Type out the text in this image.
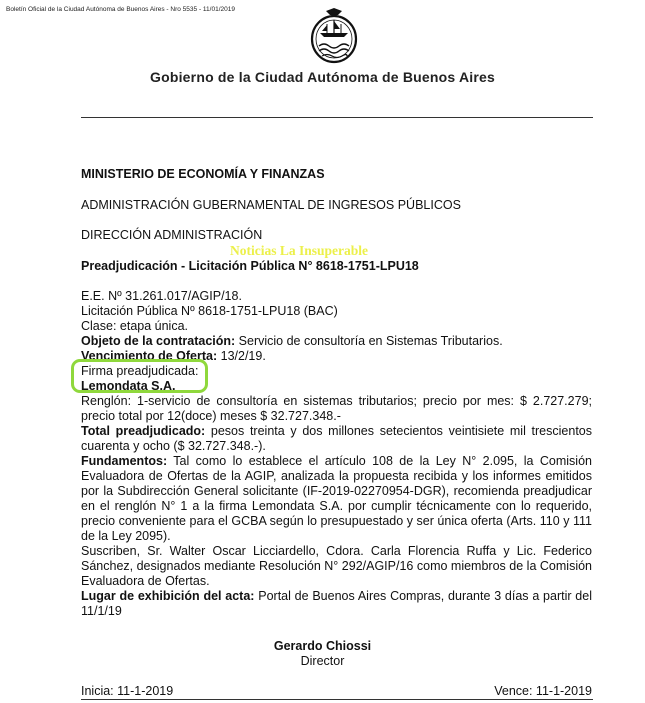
Boletín Oficial de la Ciudad Autónoma de Buenos Aires - Nro 5535 - 11/01/2019
Gobierno de la Ciudad Autónoma de Buenos Aires
MINISTERIO DE ECONOMÍA Y FINANZAS
ADMINISTRACIÓN GUBERNAMENTAL DE INGRESOS PÚBLICOS
DIRECCIÓN ADMINISTRACIÓN
Noticias La Insuperable
Preadjudicación - Licitación Pública N° 8618-1751-LPU18

E.E. Nº 31.261.017/AGIP/18.

Licitación Pública Nº 8618-1751-LPU18 (BAC)

Clase: etapa única.

Objeto de la contratación: Servicio de consultoría en Sistemas Tributarios.

Vencimiento de Oferta: 13/2/19.

Firma preadjudicada:

Lemondata S.A.

Renglón: 1-servicio de consultoría en sistemas tributarios; precio por mes: $ 2.727.279; precio total por 12(doce) meses $ 32.727.348.-

Total preadjudicado: pesos treinta y dos millones setecientos veintisiete mil trescientos cuarenta y ocho ($ 32.727.348.-).

Fundamentos: Tal como lo establece el artículo 108 de la Ley N° 2.095, la Comisión Evaluadora de Ofertas de la AGIP, analizada la propuesta recibida y los informes emitidos por la Subdirección General solicitante (IF-2019-02270954-DGR), recomienda preadjudicar en el renglón N° 1 a la firma Lemondata S.A. por cumplir técnicamente con lo requerido, precio conveniente para el GCBA según lo presupuestado y ser única oferta (Arts. 110 y 111 de la Ley 2095).

Suscriben, Sr. Walter Oscar Licciardello, Cdora. Carla Florencia Ruffa y Lic. Federico Sánchez, designados mediante Resolución N° 292/AGIP/16 como miembros de la Comisión Evaluadora de Ofertas.

Lugar de exhibición del acta: Portal de Buenos Aires Compras, durante 3 días a partir del 11/1/19

Gerardo Chiossi
Director
Inicia: 11-1-2019	Vence: 11-1-2019
